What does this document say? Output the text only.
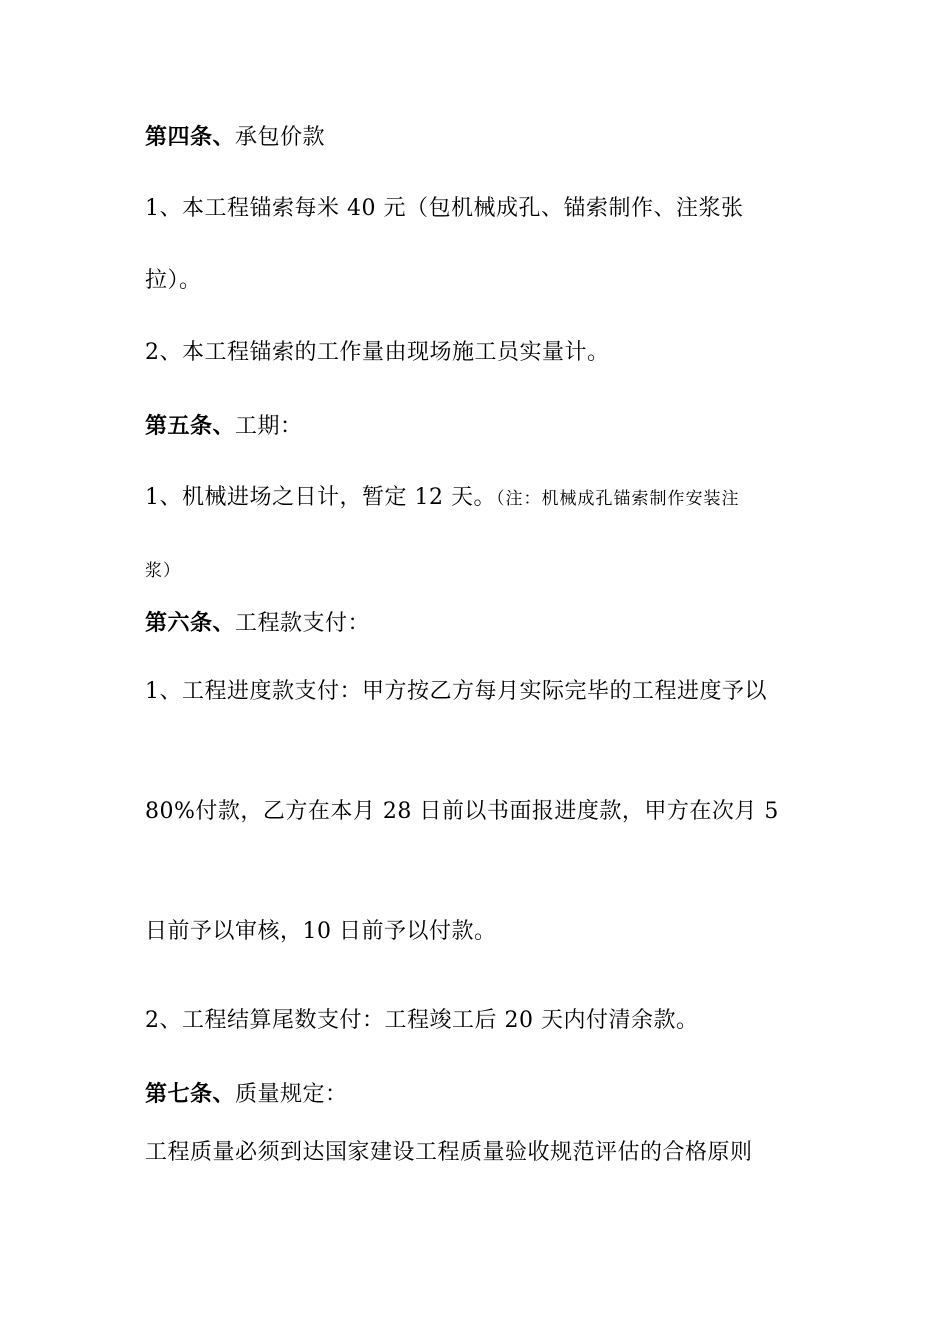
第四条、承包价款
1、本工程锚索每米 40 元（包机械成孔、锚索制作、注浆张
拉）。
2、本工程锚索的工作量由现场施工员实量计。
第五条、工期：
1、机械进场之日计，暂定 12 天。（注：机械成孔锚索制作安装注
浆）
第六条、工程款支付：
1、工程进度款支付：甲方按乙方每月实际完毕的工程进度予以
80%付款，乙方在本月 28 日前以书面报进度款，甲方在次月 5
日前予以审核，10 日前予以付款。
2、工程结算尾数支付：工程竣工后 20 天内付清余款。
第七条、质量规定：
工程质量必须到达国家建设工程质量验收规范评估的合格原则
